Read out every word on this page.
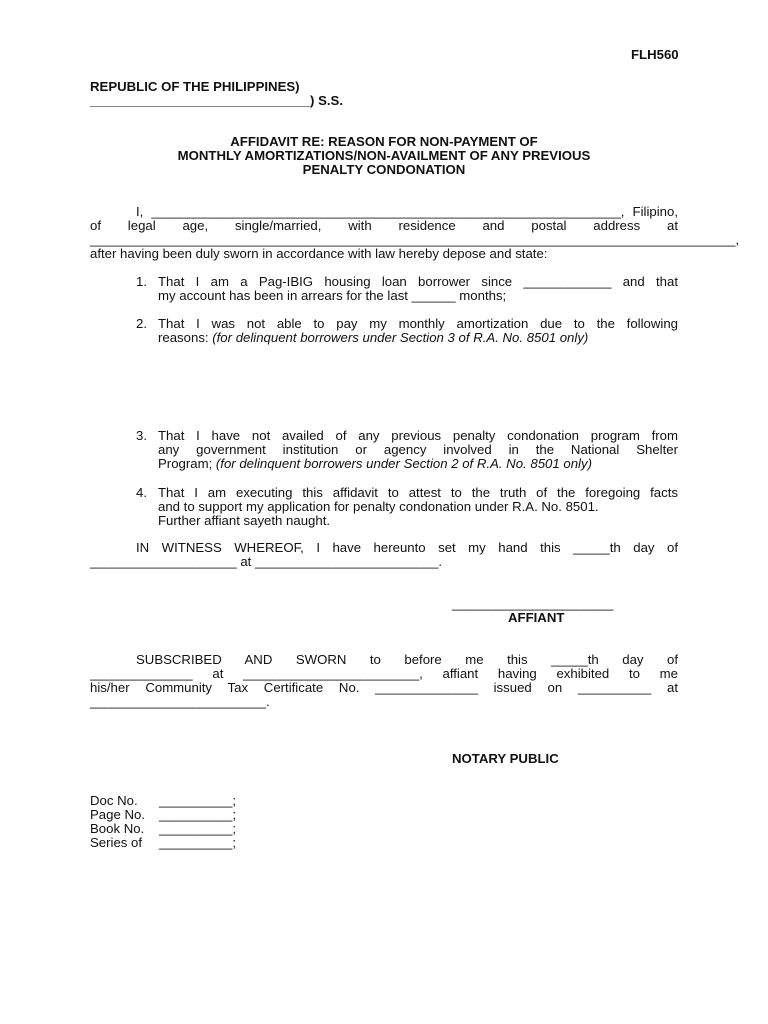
FLH560
REPUBLIC OF THE PHILIPPINES)
______________________________) S.S.
AFFIDAVIT RE: REASON FOR NON-PAYMENT OF
MONTHLY AMORTIZATIONS/NON-AVAILMENT OF ANY PREVIOUS
PENALTY CONDONATION
I, ________________________________________________________________, Filipino,
of legal age, single/married, with residence and postal address at
________________________________________________________________________________________,
after having been duly sworn in accordance with law hereby depose and state:
1. That I am a Pag-IBIG housing loan borrower since ____________ and that
my account has been in arrears for the last ______ months;
2. That I was not able to pay my monthly amortization due to the following
reasons: (for delinquent borrowers under Section 3 of R.A. No. 8501 only)
3. That I have not availed of any previous penalty condonation program from
any government institution or agency involved in the National Shelter
Program; (for delinquent borrowers under Section 2 of R.A. No. 8501 only)
4. That I am executing this affidavit to attest to the truth of the foregoing facts
and to support my application for penalty condonation under R.A. No. 8501.
Further affiant sayeth naught.
IN WITNESS WHEREOF, I have hereunto set my hand this _____th day of
____________________ at _________________________.
______________________
AFFIANT
SUBSCRIBED AND SWORN to before me this _____th day of
______________ at ________________________, affiant having exhibited to me
his/her Community Tax Certificate No. ______________ issued on __________ at
________________________.
NOTARY PUBLIC
Doc No. __________;
Page No. __________;
Book No. __________;
Series of __________;
